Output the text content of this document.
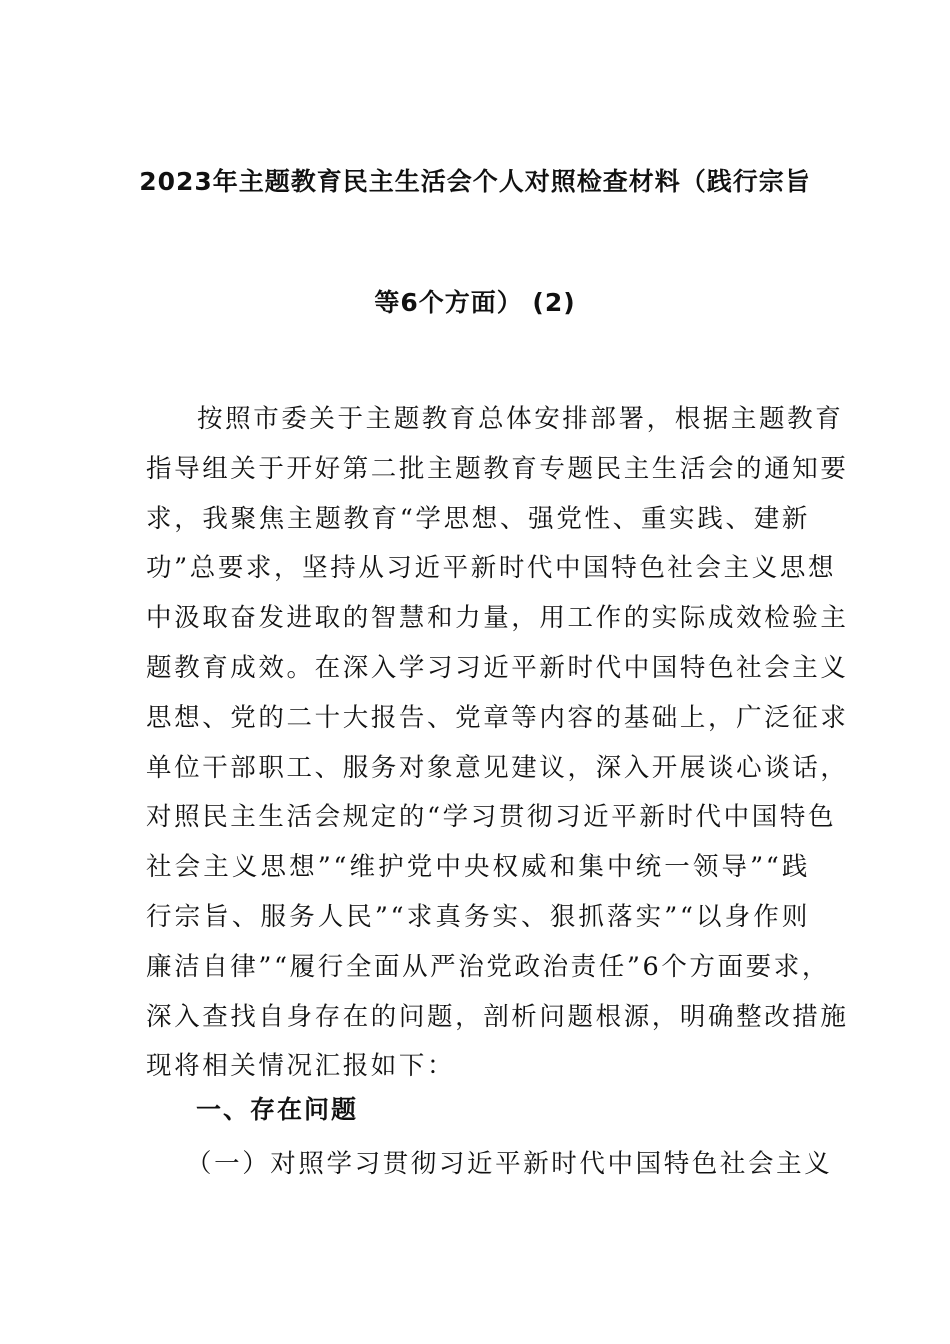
2023年主题教育民主生活会个人对照检查材料（践行宗旨
等6个方面） (2)
按照市委关于主题教育总体安排部署，根据主题教育
指导组关于开好第二批主题教育专题民主生活会的通知要
求，我聚焦主题教育“学思想、强党性、重实践、建新
功”总要求，坚持从习近平新时代中国特色社会主义思想
中汲取奋发进取的智慧和力量，用工作的实际成效检验主
题教育成效。在深入学习习近平新时代中国特色社会主义
思想、党的二十大报告、党章等内容的基础上，广泛征求
单位干部职工、服务对象意见建议，深入开展谈心谈话，
对照民主生活会规定的“学习贯彻习近平新时代中国特色
社会主义思想”“维护党中央权威和集中统一领导”“践
行宗旨、服务人民”“求真务实、狠抓落实”“以身作则
廉洁自律”“履行全面从严治党政治责任”6个方面要求，
深入查找自身存在的问题，剖析问题根源，明确整改措施
现将相关情况汇报如下：
一、存在问题
（一）对照学习贯彻习近平新时代中国特色社会主义
